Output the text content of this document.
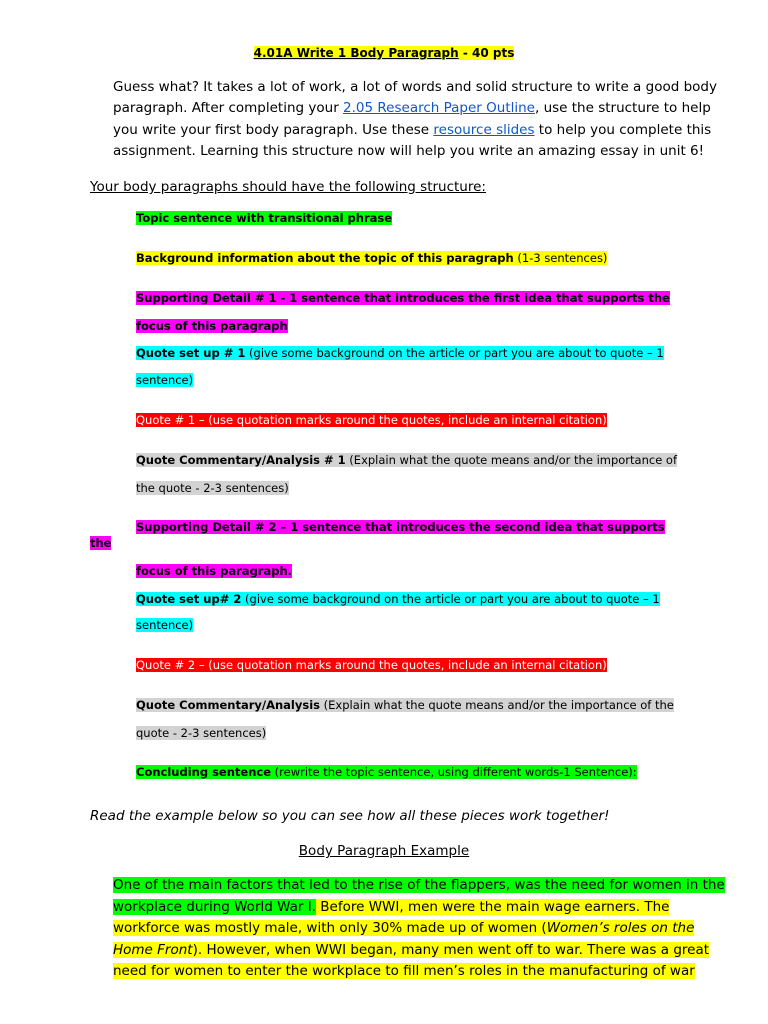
4.01A Write 1 Body Paragraph - 40 pts
Guess what? It takes a lot of work, a lot of words and solid structure to write a good body
paragraph. After completing your 2.05 Research Paper Outline, use the structure to help
you write your first body paragraph. Use these resource slides to help you complete this
assignment. Learning this structure now will help you write an amazing essay in unit 6!
Your body paragraphs should have the following structure:
Topic sentence with transitional phrase
Background information about the topic of this paragraph (1-3 sentences)
Supporting Detail # 1 - 1 sentence that introduces the first idea that supports the
focus of this paragraph
Quote set up # 1 (give some background on the article or part you are about to quote – 1
sentence)
Quote # 1 – (use quotation marks around the quotes, include an internal citation)
Quote Commentary/Analysis # 1 (Explain what the quote means and/or the importance of
the quote - 2-3 sentences)
Supporting Detail # 2 – 1 sentence that introduces the second idea that supports
the
focus of this paragraph.
Quote set up# 2 (give some background on the article or part you are about to quote – 1
sentence)
Quote # 2 – (use quotation marks around the quotes, include an internal citation)
Quote Commentary/Analysis (Explain what the quote means and/or the importance of the
quote - 2-3 sentences)
Concluding sentence (rewrite the topic sentence, using different words-1 Sentence):
Read the example below so you can see how all these pieces work together!
Body Paragraph Example
One of the main factors that led to the rise of the flappers, was the need for women in the
workplace during World War I. Before WWI, men were the main wage earners. The
workforce was mostly male, with only 30% made up of women (Women’s roles on the
Home Front). However, when WWI began, many men went off to war. There was a great
need for women to enter the workplace to fill men’s roles in the manufacturing of war
